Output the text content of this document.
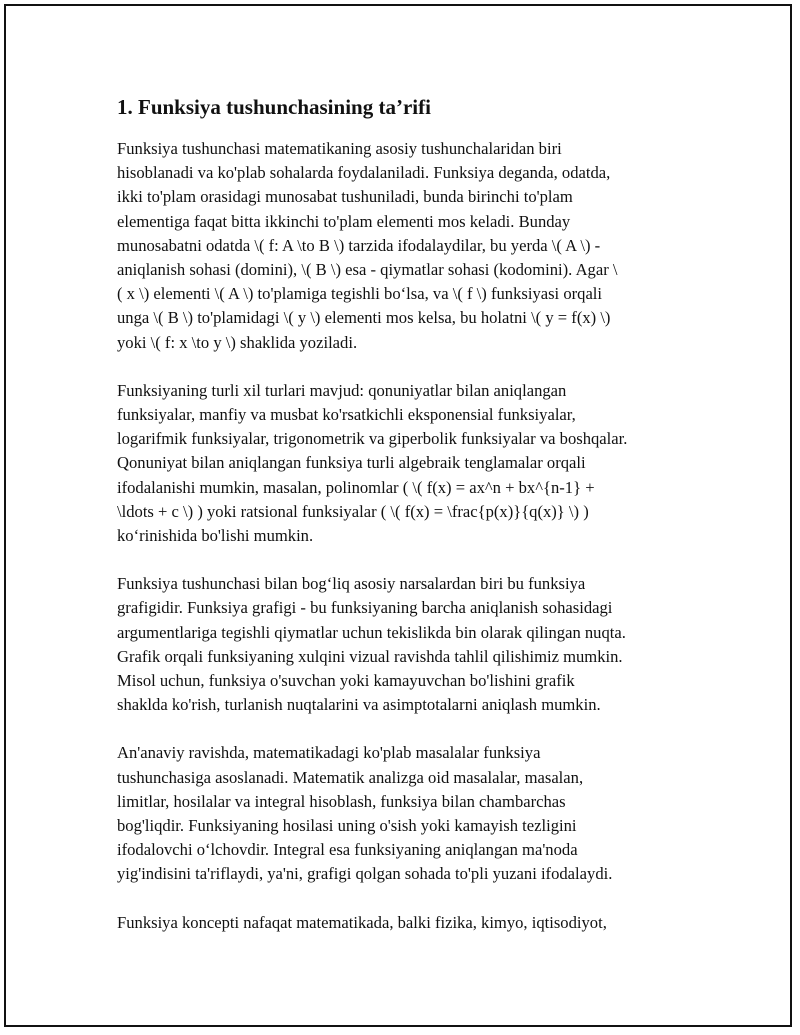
1. Funksiya tushunchasining ta’rifi

Funksiya tushunchasi matematikaning asosiy tushunchalaridan biri
hisoblanadi va ko'plab sohalarda foydalaniladi. Funksiya deganda, odatda,
ikki to'plam orasidagi munosabat tushuniladi, bunda birinchi to'plam
elementiga faqat bitta ikkinchi to'plam elementi mos keladi. Bunday
munosabatni odatda \( f: A \to B \) tarzida ifodalaydilar, bu yerda \( A \) -
aniqlanish sohasi (domini), \( B \) esa - qiymatlar sohasi (kodomini). Agar \
( x \) elementi \( A \) to'plamiga tegishli bo‘lsa, va \( f \) funksiyasi orqali
unga \( B \) to'plamidagi \( y \) elementi mos kelsa, bu holatni \( y = f(x) \)
yoki \( f: x \to y \) shaklida yoziladi.

Funksiyaning turli xil turlari mavjud: qonuniyatlar bilan aniqlangan
funksiyalar, manfiy va musbat ko'rsatkichli eksponensial funksiyalar,
logarifmik funksiyalar, trigonometrik va giperbolik funksiyalar va boshqalar.
Qonuniyat bilan aniqlangan funksiya turli algebraik tenglamalar orqali
ifodalanishi mumkin, masalan, polinomlar ( \( f(x) = ax^n + bx^{n-1} +
\ldots + c \) ) yoki ratsional funksiyalar ( \( f(x) = \frac{p(x)}{q(x)} \) )
ko‘rinishida bo'lishi mumkin.

Funksiya tushunchasi bilan bog‘liq asosiy narsalardan biri bu funksiya
grafigidir. Funksiya grafigi - bu funksiyaning barcha aniqlanish sohasidagi
argumentlariga tegishli qiymatlar uchun tekislikda bin olarak qilingan nuqta.
Grafik orqali funksiyaning xulqini vizual ravishda tahlil qilishimiz mumkin.
Misol uchun, funksiya o'suvchan yoki kamayuvchan bo'lishini grafik
shaklda ko'rish, turlanish nuqtalarini va asimptotalarni aniqlash mumkin.

An'anaviy ravishda, matematikadagi ko'plab masalalar funksiya
tushunchasiga asoslanadi. Matematik analizga oid masalalar, masalan,
limitlar, hosilalar va integral hisoblash, funksiya bilan chambarchas
bog'liqdir. Funksiyaning hosilasi uning o'sish yoki kamayish tezligini
ifodalovchi o‘lchovdir. Integral esa funksiyaning aniqlangan ma'noda
yig'indisini ta'riflaydi, ya'ni, grafigi qolgan sohada to'pli yuzani ifodalaydi.

Funksiya koncepti nafaqat matematikada, balki fizika, kimyo, iqtisodiyot,
